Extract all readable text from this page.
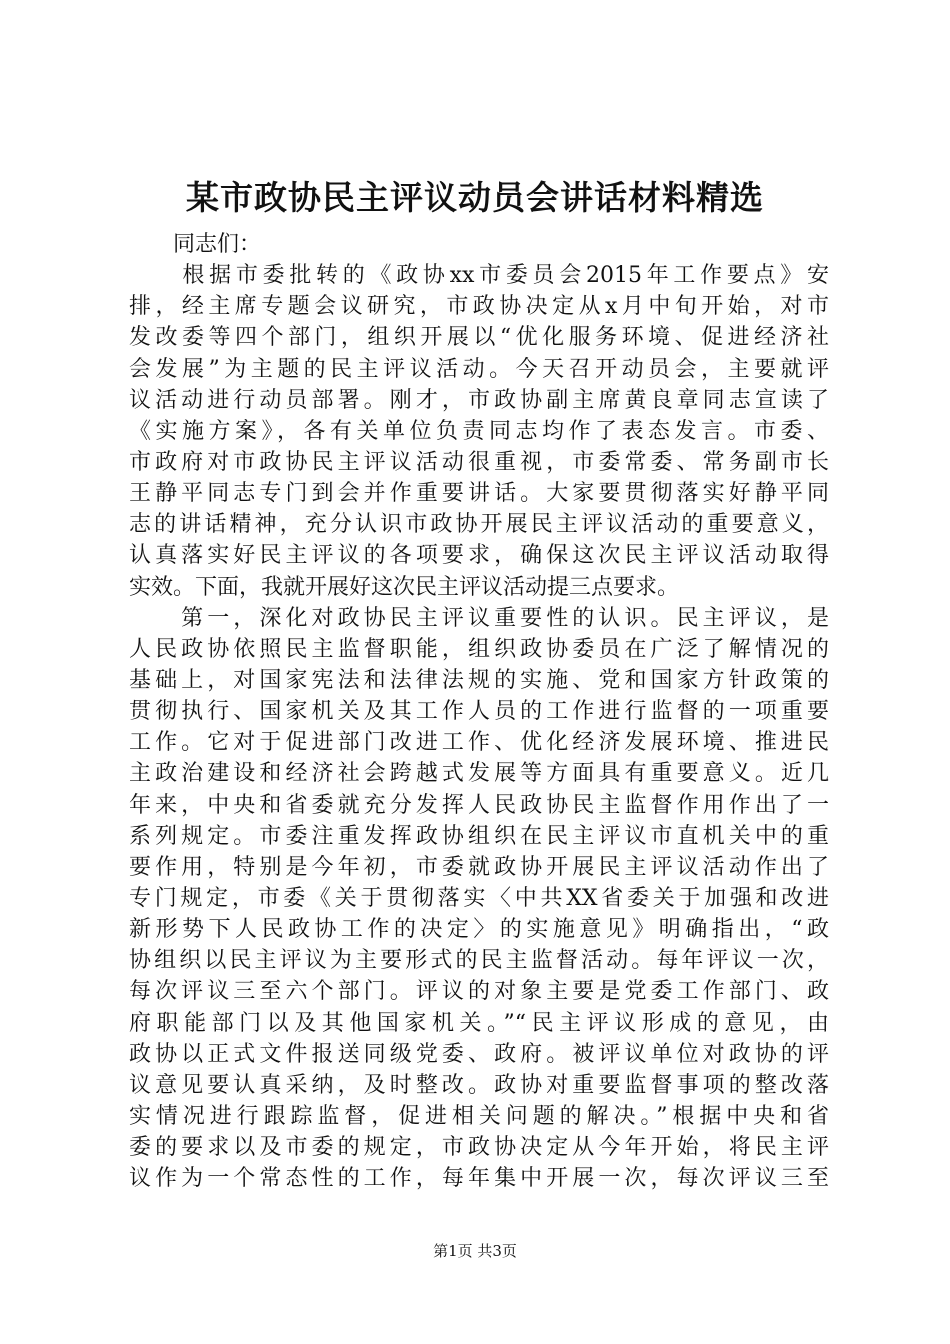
某市政协民主评议动员会讲话材料精选
　　同志们：
　　根据市委批转的《政协xx市委员会2015年工作要点》安
排，经主席专题会议研究，市政协决定从x月中旬开始，对市
发改委等四个部门，组织开展以“优化服务环境、促进经济社
会发展”为主题的民主评议活动。今天召开动员会，主要就评
议活动进行动员部署。刚才，市政协副主席黄良章同志宣读了
《实施方案》，各有关单位负责同志均作了表态发言。市委、
市政府对市政协民主评议活动很重视，市委常委、常务副市长
王静平同志专门到会并作重要讲话。大家要贯彻落实好静平同
志的讲话精神，充分认识市政协开展民主评议活动的重要意义，
认真落实好民主评议的各项要求，确保这次民主评议活动取得
实效。下面，我就开展好这次民主评议活动提三点要求。
　　第一，深化对政协民主评议重要性的认识。民主评议，是
人民政协依照民主监督职能，组织政协委员在广泛了解情况的
基础上，对国家宪法和法律法规的实施、党和国家方针政策的
贯彻执行、国家机关及其工作人员的工作进行监督的一项重要
工作。它对于促进部门改进工作、优化经济发展环境、推进民
主政治建设和经济社会跨越式发展等方面具有重要意义。近几
年来，中央和省委就充分发挥人民政协民主监督作用作出了一
系列规定。市委注重发挥政协组织在民主评议市直机关中的重
要作用，特别是今年初，市委就政协开展民主评议活动作出了
专门规定，市委《关于贯彻落实〈中共XX省委关于加强和改进
新形势下人民政协工作的决定〉的实施意见》明确指出，“政
协组织以民主评议为主要形式的民主监督活动。每年评议一次，
每次评议三至六个部门。评议的对象主要是党委工作部门、政
府职能部门以及其他国家机关。”“民主评议形成的意见，由
政协以正式文件报送同级党委、政府。被评议单位对政协的评
议意见要认真采纳，及时整改。政协对重要监督事项的整改落
实情况进行跟踪监督，促进相关问题的解决。”根据中央和省
委的要求以及市委的规定，市政协决定从今年开始，将民主评
议作为一个常态性的工作，每年集中开展一次，每次评议三至
第1页 共3页
